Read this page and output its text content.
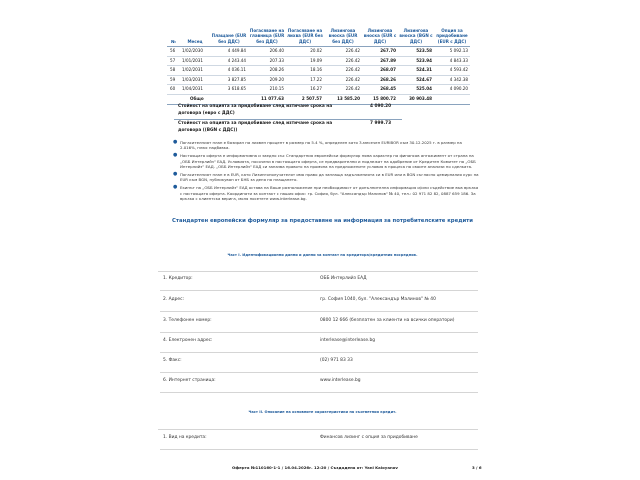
№	Месец	Плащане (EUR без ДДС)	Погасяване на главница (EUR без ДДС)	Погасяване на лихва (EUR без ДДС)	Лизингова вноска (EUR без ДДС)	Лизингова вноска (EUR с ДДС)	Лизингова вноска (BGN с ДДС)	Опция за придобиване (EUR с ДДС)
56	1/02/2030	4 449.84	206.40	20.02	226.42	267.70	523.58	5 092.13
57	1/01/2031	4 243.44	207.33	19.09	226.42	267.89	523.94	4 843.33
58	1/02/2031	4 036.11	208.26	18.16	226.42	268.07	524.31	4 593.42
59	1/03/2031	3 827.85	209.20	17.22	226.42	268.26	524.67	4 342.38
60	1/04/2031	3 618.65	210.15	16.27	226.42	268.45	525.04	4 090.20
	Общо		11 077.63	2 507.57	13 585.20	15 800.72	30 903.48	
Стойност на опцията за придобиване след изтичане срока на договора (евро с ДДС)
4 090.20
Стойност на опцията за придобиване след изтичане срока на договора ((BGN с ДДС))
7 999.73
● Погасителният план е базиран на лихвен процент в размер на 5.4 %, определен като 3-месечен EURIBOR към 30.12.2025 г. в размер на 2.016%, плюс надбавка.
● Настоящата оферта е информативна и заедно със Стандартния европейски формуляр няма характер на финансов ангажимент от страна на „ОББ Интерлийз“ ЕАД. Условията, посочени в настоящата оферта, се предварителни и подлежат на одобрение от Кредитен Комитет на „ОББ Интерлийз“ ЕАД. „ОББ Интерлийз“ ЕАД си запазва правото на промяна на предложените условия в процеса на своите анализи по сделката.
● Погасителният план е в EUR, като Лизингополучателят има право да заплаща задълженията си в EUR или в BGN съгласно цемирналия курс на EUR към BGN, публикуван от БНБ за деня на плащането.
● Екипът на „ОББ Интерлийз“ ЕАД остава на Ваше разположение при необходимост от допълнителна информация и/или съдействие във връзка с настоящата оферта. Координати за контакт с нашия офис: гр. София, бул. "Александър Малинов" № 40, тел.: 02 971 82 82, 0887 659 186. За връзка с клиентска верига, моля посетете www.interlease.bg.
Стандартен европейски формуляр за предоставяне на информация за потребителските кредити
Част I. Идентификационни данни и данни за контакт на кредитора/кредитния посредник.
1. Кредитор:	ОББ Интерлийз ЕАД
2. Адрес:	гр. София 1040, бул. "Александър Малинов" № 40
3. Телефонен номер:	0800 12 666 (безплатен за клиенти на всички оператори)
4. Електронен адрес:	interlease@interlease.bg
5. Факс:	(02) 971 83 33
6. Интернет страница:	www.interlease.bg
Част II. Описание на основните характеристики на съответния кредит.
1. Вид на кредита:	Финансов лизинг с опция за придобиване
Оферта №110160-1-1 / 16.04.2026г. 12:20 / Създадена от: Yani Kalоyanov	3 / 6
